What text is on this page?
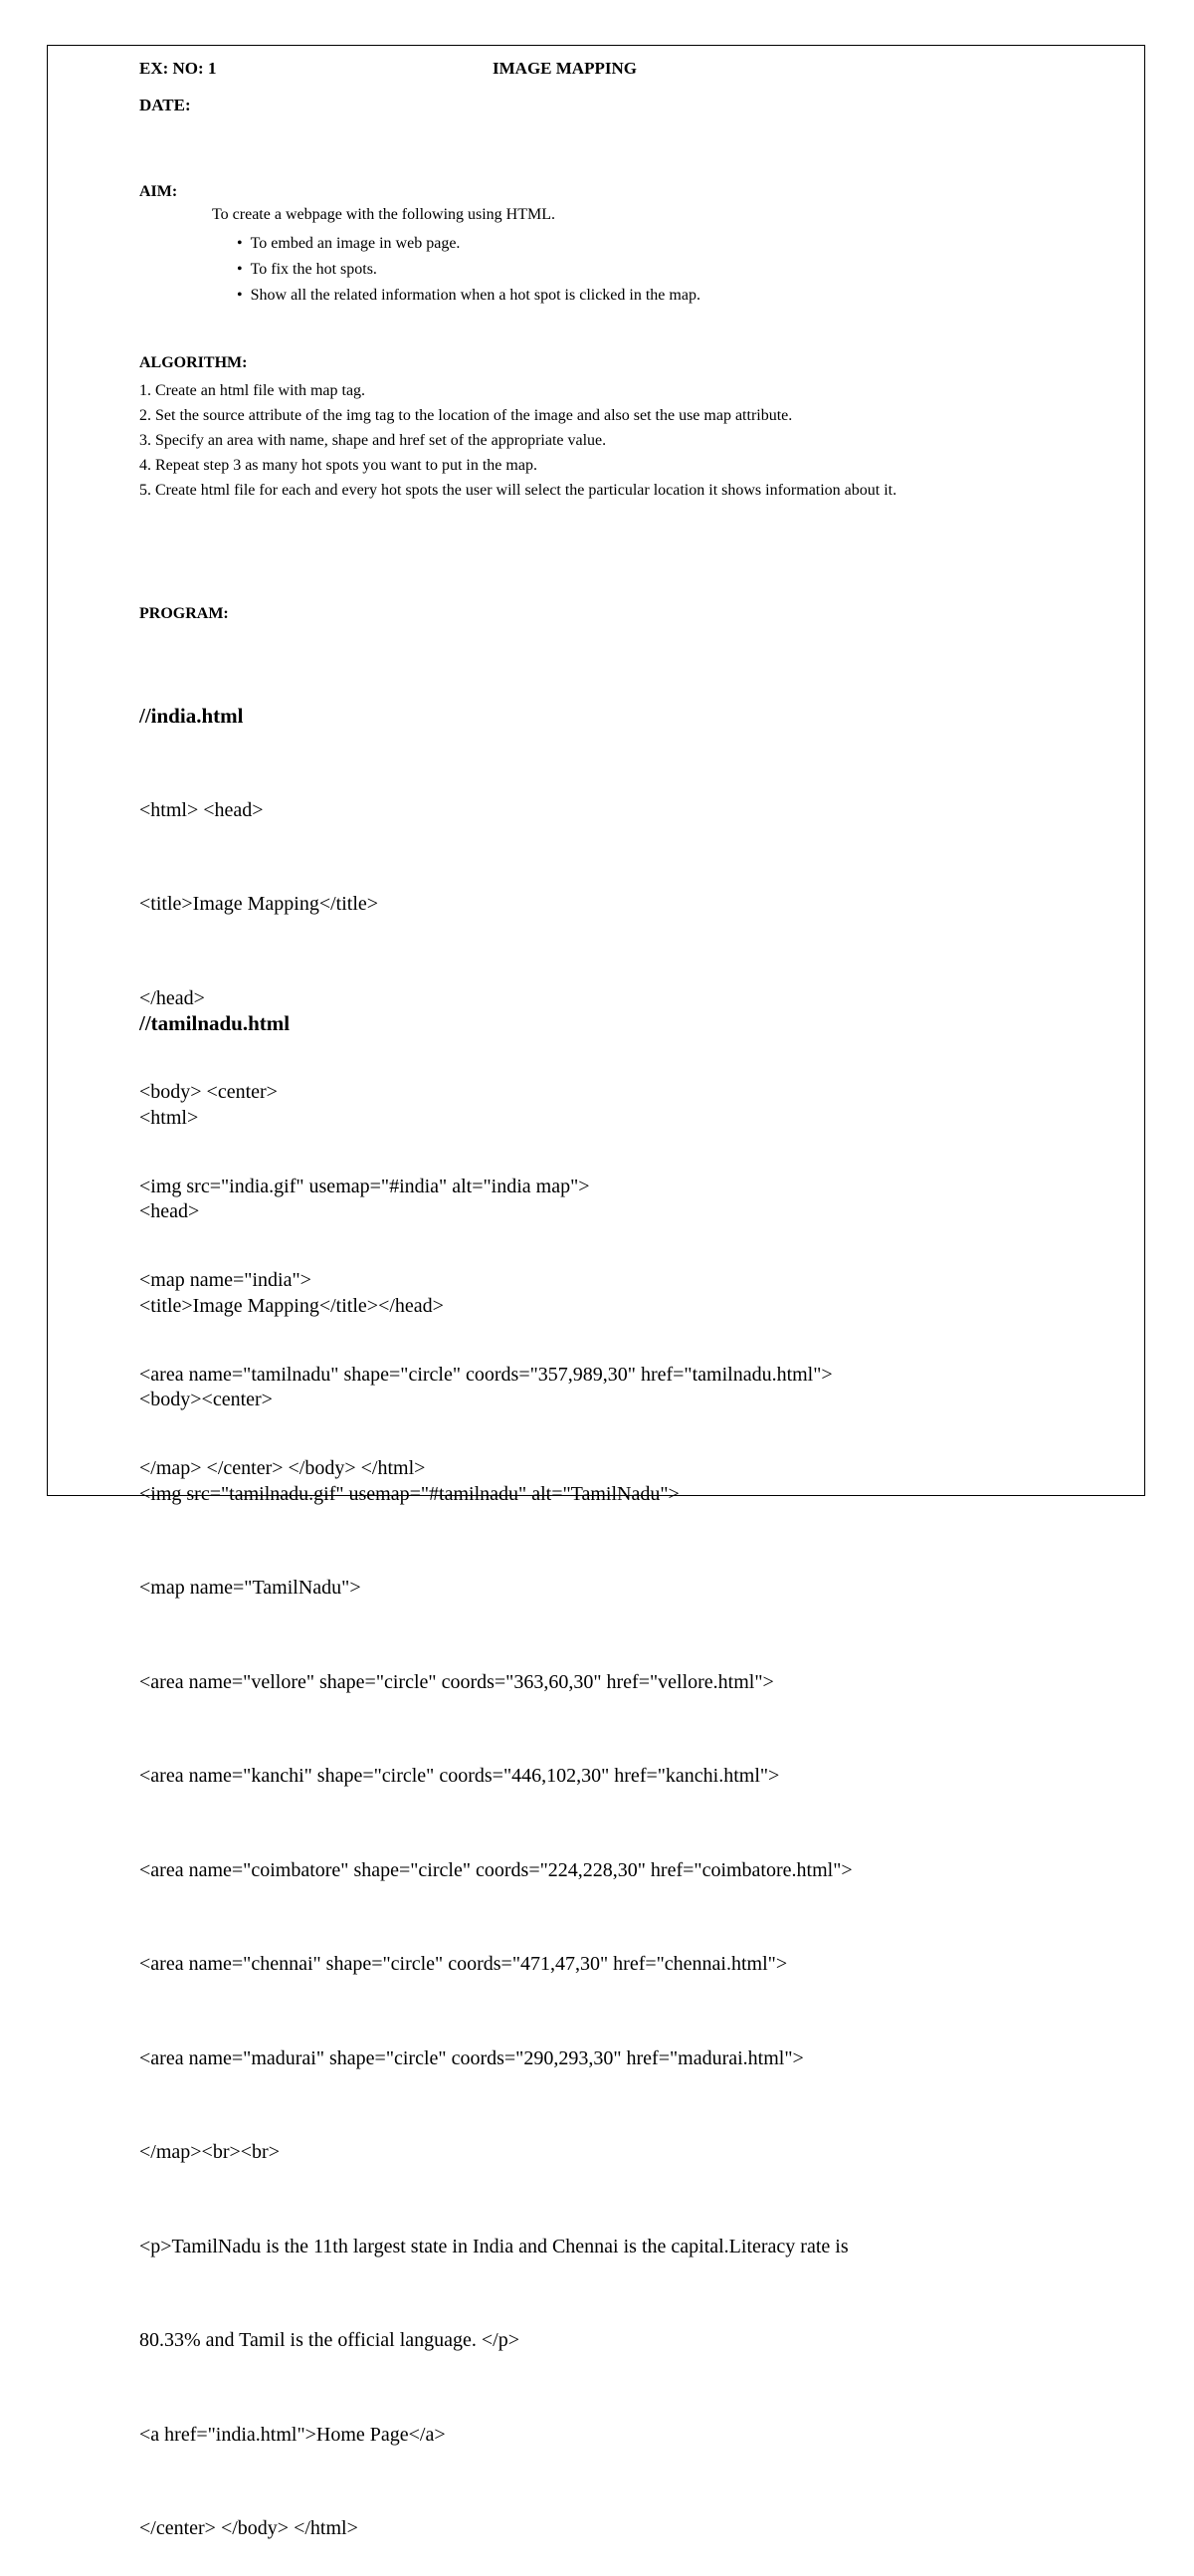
EX: NO: 1	IMAGE MAPPING
DATE:
AIM:
To create a webpage with the following using HTML.
• To embed an image in web page.
• To fix the hot spots.
• Show all the related information when a hot spot is clicked in the map.
ALGORITHM:
1. Create an html file with map tag.
2. Set the source attribute of the img tag to the location of the image and also set the use map attribute.
3. Specify an area with name, shape and href set of the appropriate value.
4. Repeat step 3 as many hot spots you want to put in the map.
5. Create html file for each and every hot spots the user will select the particular location it shows information about it.
PROGRAM:

//india.html

<html> <head>

<title>Image Mapping</title>

</head>

<body> <center>

<img src="india.gif" usemap="#india" alt="india map">

<map name="india">

<area name="tamilnadu" shape="circle" coords="357,989,30" href="tamilnadu.html">

</map> </center> </body> </html>

//tamilnadu.html

<html>

<head>

<title>Image Mapping</title></head>

<body><center>

<img src="tamilnadu.gif" usemap="#tamilnadu" alt="TamilNadu">

<map name="TamilNadu">

<area name="vellore" shape="circle" coords="363,60,30" href="vellore.html">

<area name="kanchi" shape="circle" coords="446,102,30" href="kanchi.html">

<area name="coimbatore" shape="circle" coords="224,228,30" href="coimbatore.html">

<area name="chennai" shape="circle" coords="471,47,30" href="chennai.html">

<area name="madurai" shape="circle" coords="290,293,30" href="madurai.html">

</map><br><br>

<p>TamilNadu is the 11th largest state in India and Chennai is the capital.Literacy rate is

80.33% and Tamil is the official language. </p>

<a href="india.html">Home Page</a>

</center> </body> </html>
